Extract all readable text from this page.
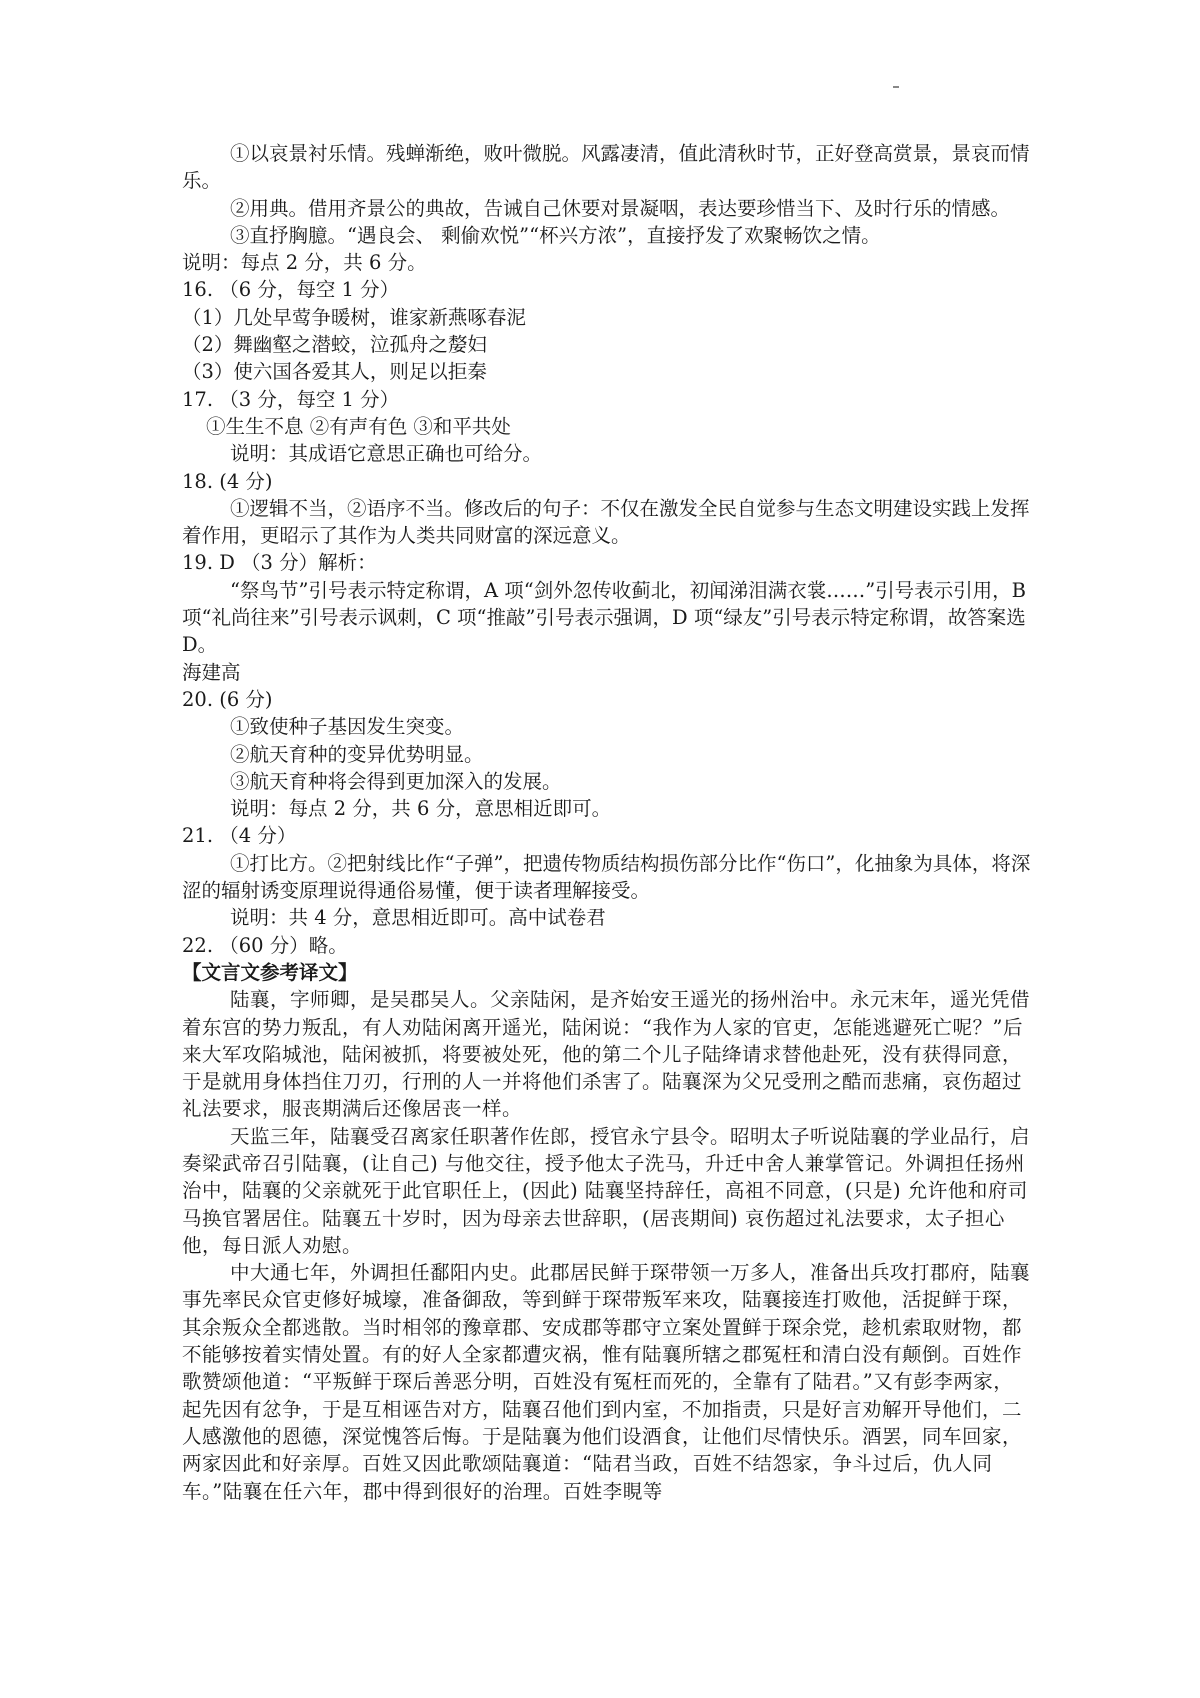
①以哀景衬乐情。残蝉渐绝，败叶微脱。风露凄清，值此清秋时节，正好登高赏景，景哀而情乐。

②用典。借用齐景公的典故，告诫自己休要对景凝咽，表达要珍惜当下、及时行乐的情感。

③直抒胸臆。“遇良会、 剩偷欢悦”“杯兴方浓”，直接抒发了欢聚畅饮之情。

说明：每点 2 分，共 6 分。

16. （6 分，每空 1 分）

（1）几处早莺争暖树，谁家新燕啄春泥

（2）舞幽壑之潜蛟，泣孤舟之嫠妇

（3）使六国各爱其人，则足以拒秦

17. （3 分，每空 1 分）

①生生不息 ②有声有色 ③和平共处

说明：其成语它意思正确也可给分。

18. (4 分)

①逻辑不当，②语序不当。修改后的句子：不仅在激发全民自觉参与生态文明建设实践上发挥着作用，更昭示了其作为人类共同财富的深远意义。

19. D （3 分）解析：

“祭鸟节”引号表示特定称谓，A 项“剑外忽传收蓟北，初闻涕泪满衣裳……”引号表示引用，B 项“礼尚往来”引号表示讽刺，C 项“推敲”引号表示强调，D 项“绿友”引号表示特定称谓，故答案选 D。

海建高

20. (6 分)

①致使种子基因发生突变。

②航天育种的变异优势明显。

③航天育种将会得到更加深入的发展。

说明：每点 2 分，共 6 分，意思相近即可。

21. （4 分）

①打比方。②把射线比作“子弹”，把遗传物质结构损伤部分比作“伤口”，化抽象为具体，将深涩的辐射诱变原理说得通俗易懂，便于读者理解接受。

说明：共 4 分，意思相近即可。高中试卷君

22. （60 分）略。

【文言文参考译文】

陆襄，字师卿，是吴郡吴人。父亲陆闲，是齐始安王遥光的扬州治中。永元末年，遥光凭借着东宫的势力叛乱，有人劝陆闲离开遥光，陆闲说：“我作为人家的官吏，怎能逃避死亡呢？”后来大军攻陷城池，陆闲被抓，将要被处死，他的第二个儿子陆绛请求替他赴死，没有获得同意，于是就用身体挡住刀刃，行刑的人一并将他们杀害了。陆襄深为父兄受刑之酷而悲痛，哀伤超过礼法要求，服丧期满后还像居丧一样。

天监三年，陆襄受召离家任职著作佐郎，授官永宁县令。昭明太子听说陆襄的学业品行，启奏梁武帝召引陆襄，(让自己) 与他交往，授予他太子洗马，升迁中舍人兼掌管记。外调担任扬州治中，陆襄的父亲就死于此官职任上，(因此) 陆襄坚持辞任，高祖不同意，(只是) 允许他和府司马换官署居住。陆襄五十岁时，因为母亲去世辞职，(居丧期间) 哀伤超过礼法要求，太子担心他，每日派人劝慰。

中大通七年，外调担任鄱阳内史。此郡居民鲜于琛带领一万多人，准备出兵攻打郡府，陆襄事先率民众官吏修好城壕，准备御敌，等到鲜于琛带叛军来攻，陆襄接连打败他，活捉鲜于琛，其余叛众全都逃散。当时相邻的豫章郡、安成郡等郡守立案处置鲜于琛余党，趁机索取财物，都不能够按着实情处置。有的好人全家都遭灾祸，惟有陆襄所辖之郡冤枉和清白没有颠倒。百姓作歌赞颂他道：“平叛鲜于琛后善恶分明，百姓没有冤枉而死的，全靠有了陆君。”又有彭李两家，起先因有忿争，于是互相诬告对方，陆襄召他们到内室，不加指责，只是好言劝解开导他们，二人感激他的恩德，深觉愧答后悔。于是陆襄为他们设酒食，让他们尽情快乐。酒罢，同车回家，两家因此和好亲厚。百姓又因此歌颂陆襄道：“陆君当政，百姓不结怨家，争斗过后，仇人同车。”陆襄在任六年，郡中得到很好的治理。百姓李睍等
